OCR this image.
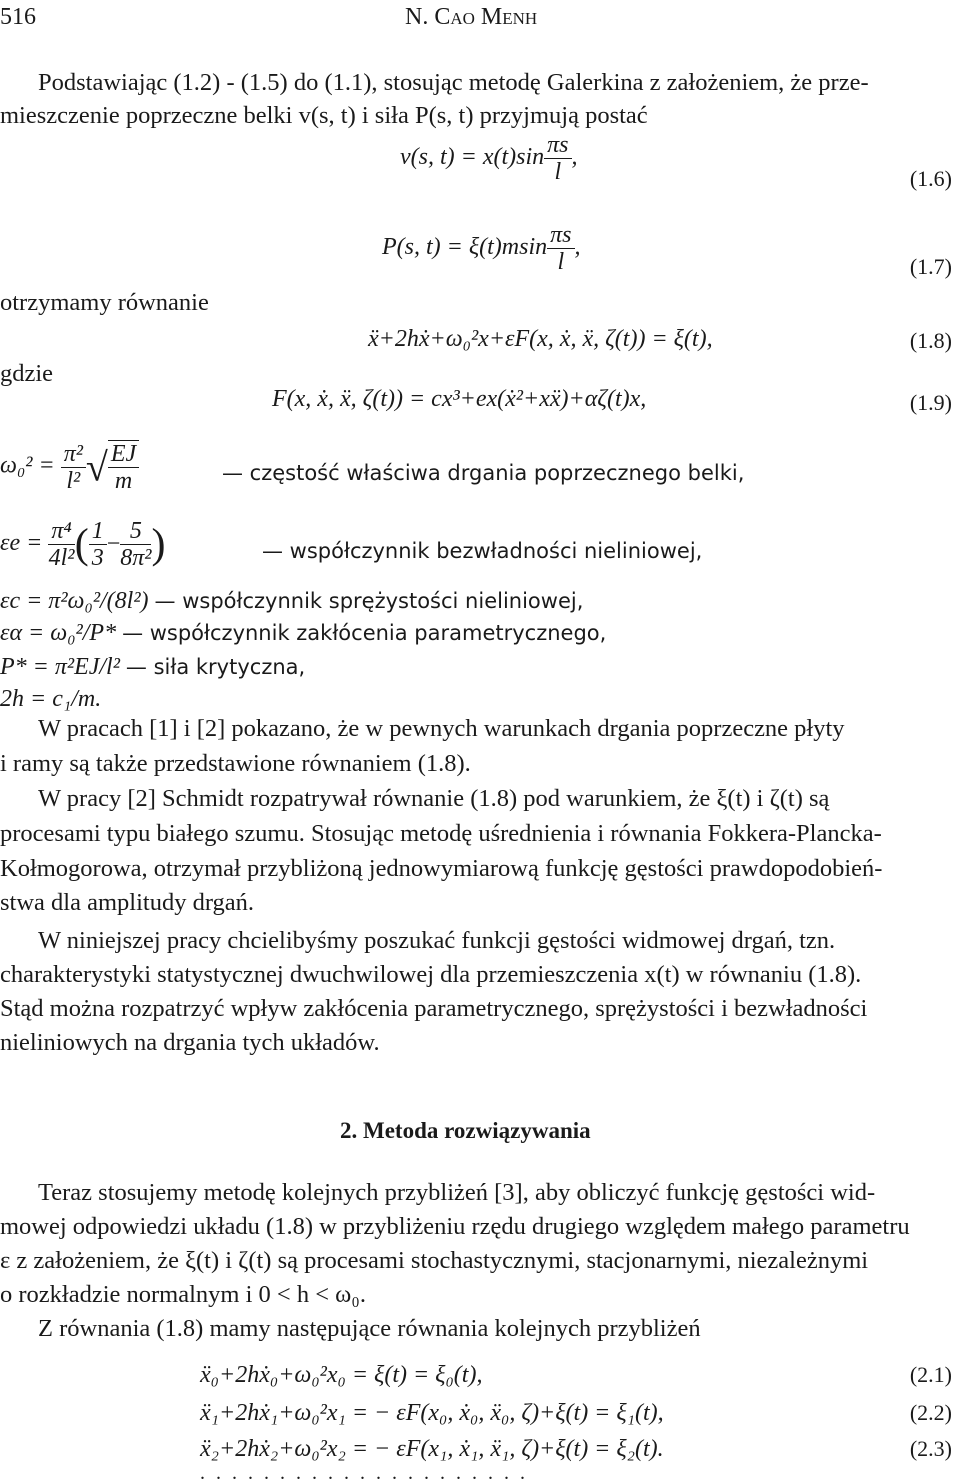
516	N. Cao Menh
Podstawiając (1.2) - (1.5) do (1.1), stosując metodę Galerkina z założeniem, że prze-
mieszczenie poprzeczne belki v(s, t) i siła P(s, t) przyjmują postać
v(s, $t) = x(t)\sin \frac{\pi s}{l}$ ,
(1.6)
P(s, $t) = \xi(t)msin \frac{\pi s}{l}$ ,
(1.7)
otrzymamy równanie
ẍ+2hẋ+ω₀²x+εF(x, ẋ, ẍ, ζ(t)) = ξ(t),	(1.8)
gdzie
F(x, ẋ, ẍ, ζ(t)) = cx³+ex(ẋ²+xẍ)+αζ(t)x,	(1.9)
$\omega_0^2 = \frac{\text{π²}}{\text{l²}}$ √ $\frac{EJ}{m}$	— częstość właściwa drgania poprzecznego belki,
$\varepsilon e = \frac{\text{π⁴}}{\text{4l²}}$ ( $\frac{1}{3} - \frac{5}{\text{8π²}}$ )	— współczynnik bezwładności nieliniowej,
εc = π²ω₀²/(8l²) — współczynnik sprężystości nieliniowej,
εα = ω₀²/P* — współczynnik zakłócenia parametrycznego,
P* = π²EJ/l² — siła krytyczna,
2h = c₁/m.
W pracach [1] i [2] pokazano, że w pewnych warunkach drgania poprzeczne płyty
i ramy są także przedstawione równaniem (1.8).
W pracy [2] Schmidt rozpatrywał równanie (1.8) pod warunkiem, że ξ(t) i ζ(t) są
procesami typu białego szumu. Stosując metodę uśrednienia i równania Fokkera-Plancka-
Kołmogorowa, otrzymał przybliżoną jednowymiarową funkcję gęstości prawdopodobień-
stwa dla amplitudy drgań.
W niniejszej pracy chcielibyśmy poszukać funkcji gęstości widmowej drgań, tzn.
charakterystyki statystycznej dwuchwilowej dla przemieszczenia x(t) w równaniu (1.8).
Stąd można rozpatrzyć wpływ zakłócenia parametrycznego, sprężystości i bezwładności
nieliniowych na drgania tych układów.
2. Metoda rozwiązywania
Teraz stosujemy metodę kolejnych przybliżeń [3], aby obliczyć funkcję gęstości wid-
mowej odpowiedzi układu (1.8) w przybliżeniu rzędu drugiego względem małego parametru
ε z założeniem, że ξ(t) i ζ(t) są procesami stochastycznymi, stacjonarnymi, niezależnymi
o rozkładzie normalnym i 0 < h < ω₀.
Z równania (1.8) mamy następujące równania kolejnych przybliżeń
ẍ₀+2hẋ₀+ω₀²x₀ = ξ(t) = ξ₀(t),	(2.1)
ẍ₁+2hẋ₁+ω₀²x₁ = − εF(x₀, ẋ₀, ẍ₀, ζ)+ξ(t) = ξ₁(t),	(2.2)
ẍ₂+2hẋ₂+ω₀²x₂ = − εF(x₁, ẋ₁, ẍ₁, ζ)+ξ(t) = ξ₂(t).	(2.3)
. . . . . . . . . . . . . . . . . . . . .
